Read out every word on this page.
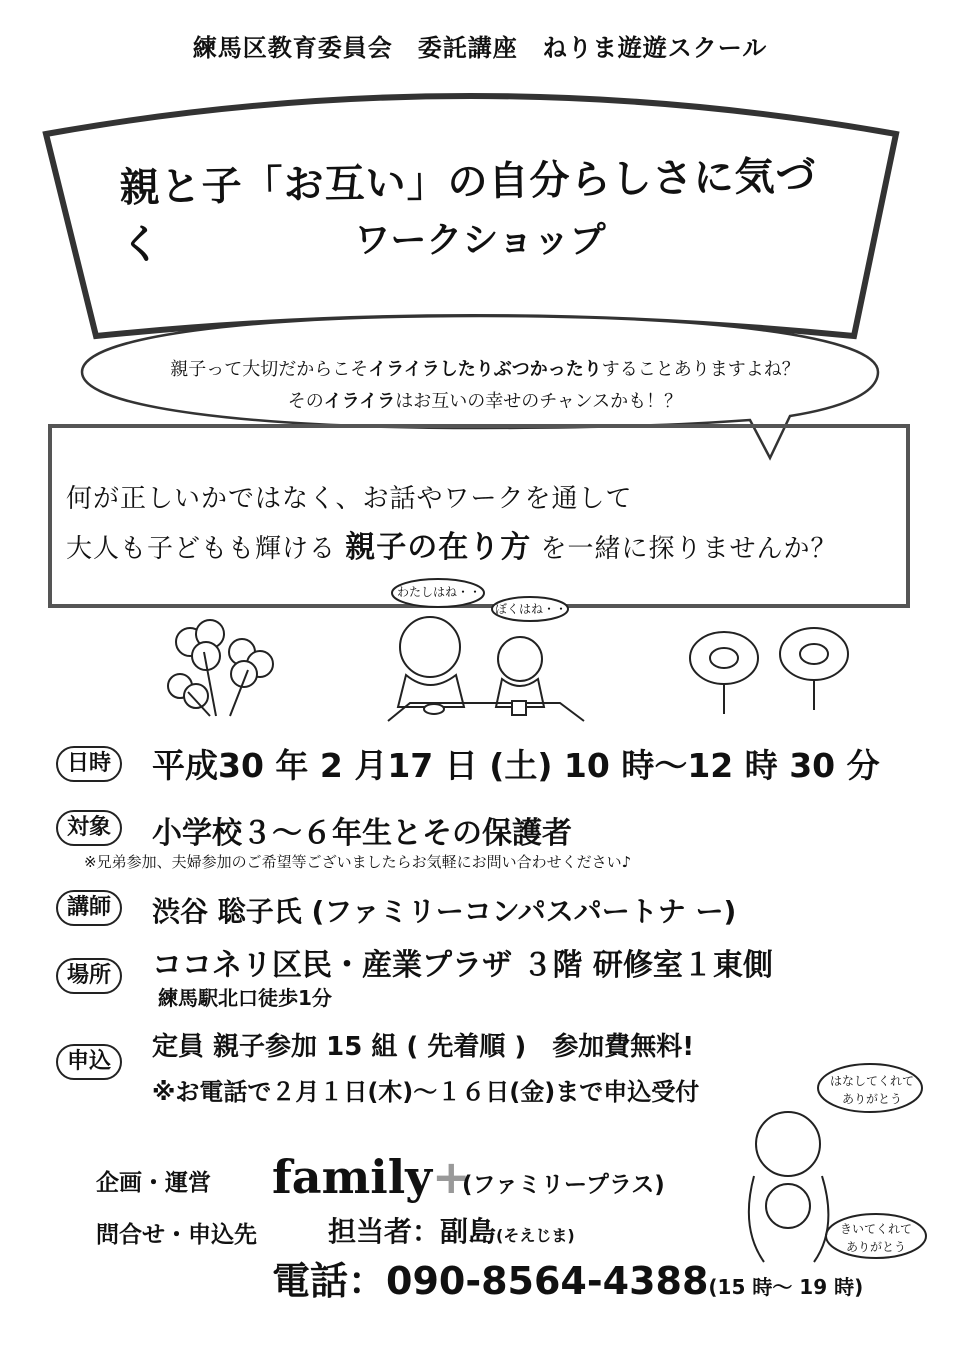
練馬区教育委員会　委託講座　ねりま遊遊スクール
親と子「お互い」の自分らしさに気づく	ワークショップ
親子って大切だからこそイライラしたりぶつかったりすることありますよね？
そのイライラはお互いの幸せのチャンスかも！？
何が正しいかではなく、お話やワークを通して
大人も子どもも輝ける 親子の在り方 を一緒に探りませんか？
わたしはね・・
ぼくはね・・
日時	平成30 年 2 月17 日 (土) 10 時～12 時 30 分
対象	小学校３～６年生とその保護者
※兄弟参加、夫婦参加のご希望等ございましたらお気軽にお問い合わせください♪
講師	渋谷 聡子氏 (ファミリーコンパスパートナ ー)
場所	ココネリ区民・産業プラザ ３階 研修室１東側
練馬駅北口徒歩1分
申込	定員 親子参加 15 組 ( 先着順 )　参加費無料!
※お電話で２月１日(木)～１６日(金)まで申込受付	はなしてくれて
ありがとう
きいてくれて
ありがとう
企画・運営 family+
(ファミリープラス)
問合せ・申込先	担当者：副島(そえじま)
電話：090-8564-4388(15 時～ 19 時)
